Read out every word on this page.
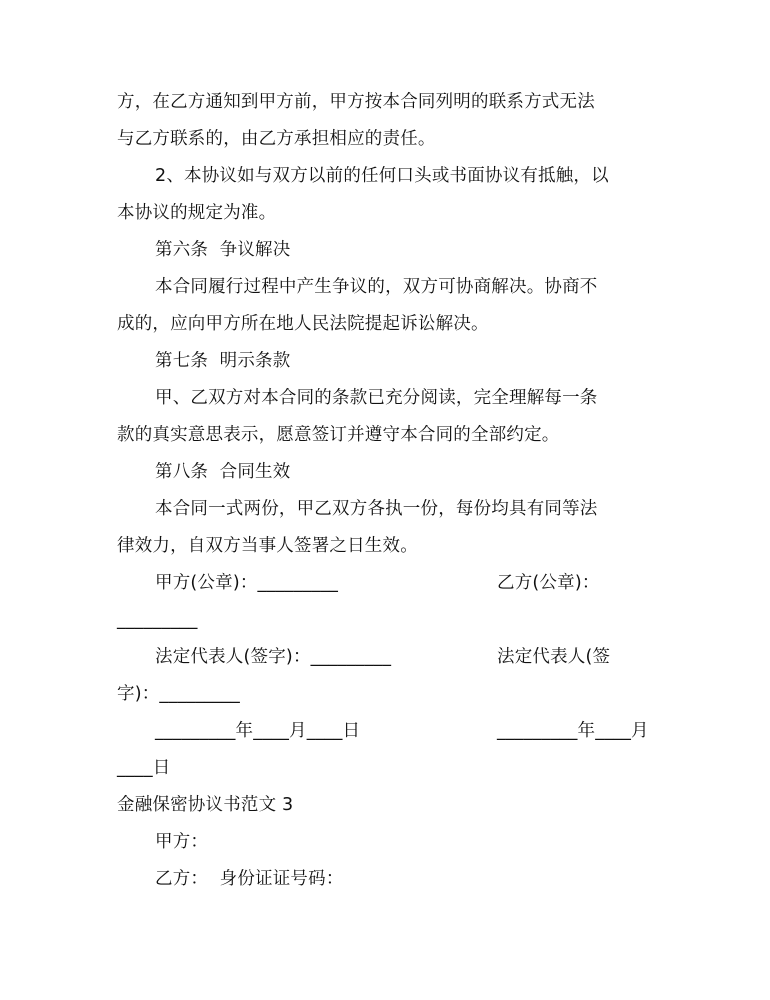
方，在乙方通知到甲方前，甲方按本合同列明的联系方式无法
与乙方联系的，由乙方承担相应的责任。
2、本协议如与双方以前的任何口头或书面协议有抵触，以
本协议的规定为准。
第六条  争议解决
本合同履行过程中产生争议的，双方可协商解决。协商不
成的，应向甲方所在地人民法院提起诉讼解决。
第七条  明示条款
甲、乙双方对本合同的条款已充分阅读，完全理解每一条
款的真实意思表示，愿意签订并遵守本合同的全部约定。
第八条  合同生效
本合同一式两份，甲乙双方各执一份，每份均具有同等法
律效力，自双方当事人签署之日生效。
甲方(公章)：_________	乙方(公章)：
_________
法定代表人(签字)：_________	法定代表人(签
字)：_________
_________年____月____日	_________年____月
____日
金融保密协议书范文 3
甲方：
乙方：  身份证证号码：
